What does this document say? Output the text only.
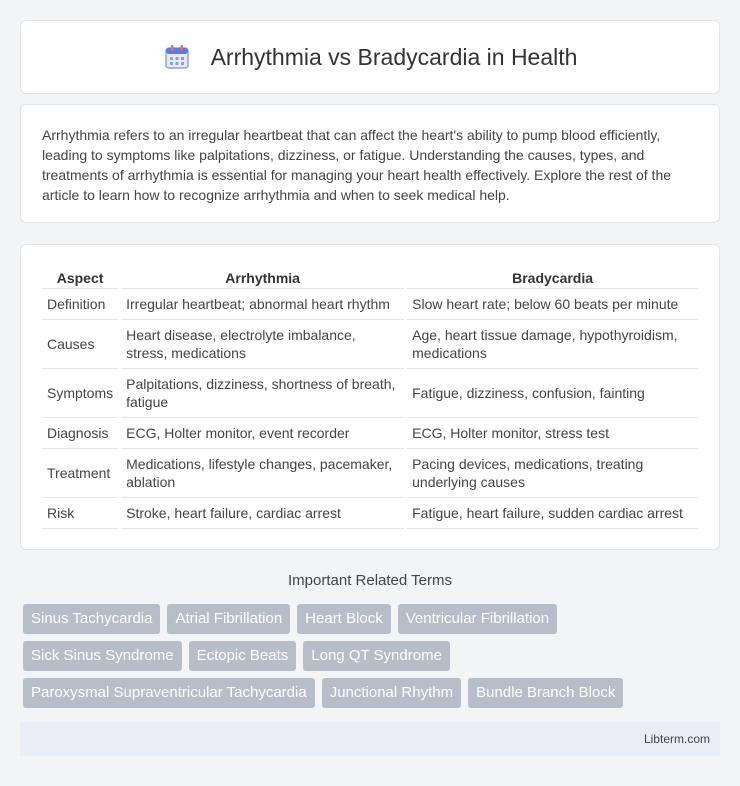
Arrhythmia vs Bradycardia in Health

Arrhythmia refers to an irregular heartbeat that can affect the heart's ability to pump blood efficiently, leading to symptoms like palpitations, dizziness, or fatigue. Understanding the causes, types, and treatments of arrhythmia is essential for managing your heart health effectively. Explore the rest of the article to learn how to recognize arrhythmia and when to seek medical help.

Aspect	Arrhythmia	Bradycardia
Definition	Irregular heartbeat; abnormal heart rhythm	Slow heart rate; below 60 beats per minute
Causes	Heart disease, electrolyte imbalance, stress, medications	Age, heart tissue damage, hypothyroidism, medications
Symptoms	Palpitations, dizziness, shortness of breath, fatigue	Fatigue, dizziness, confusion, fainting
Diagnosis	ECG, Holter monitor, event recorder	ECG, Holter monitor, stress test
Treatment	Medications, lifestyle changes, pacemaker, ablation	Pacing devices, medications, treating underlying causes
Risk	Stroke, heart failure, cardiac arrest	Fatigue, heart failure, sudden cardiac arrest
Important Related Terms
Sinus Tachycardia	Atrial Fibrillation	Heart Block	Ventricular Fibrillation
Sick Sinus Syndrome	Ectopic Beats	Long QT Syndrome
Paroxysmal Supraventricular Tachycardia	Junctional Rhythm	Bundle Branch Block
Libterm.com
